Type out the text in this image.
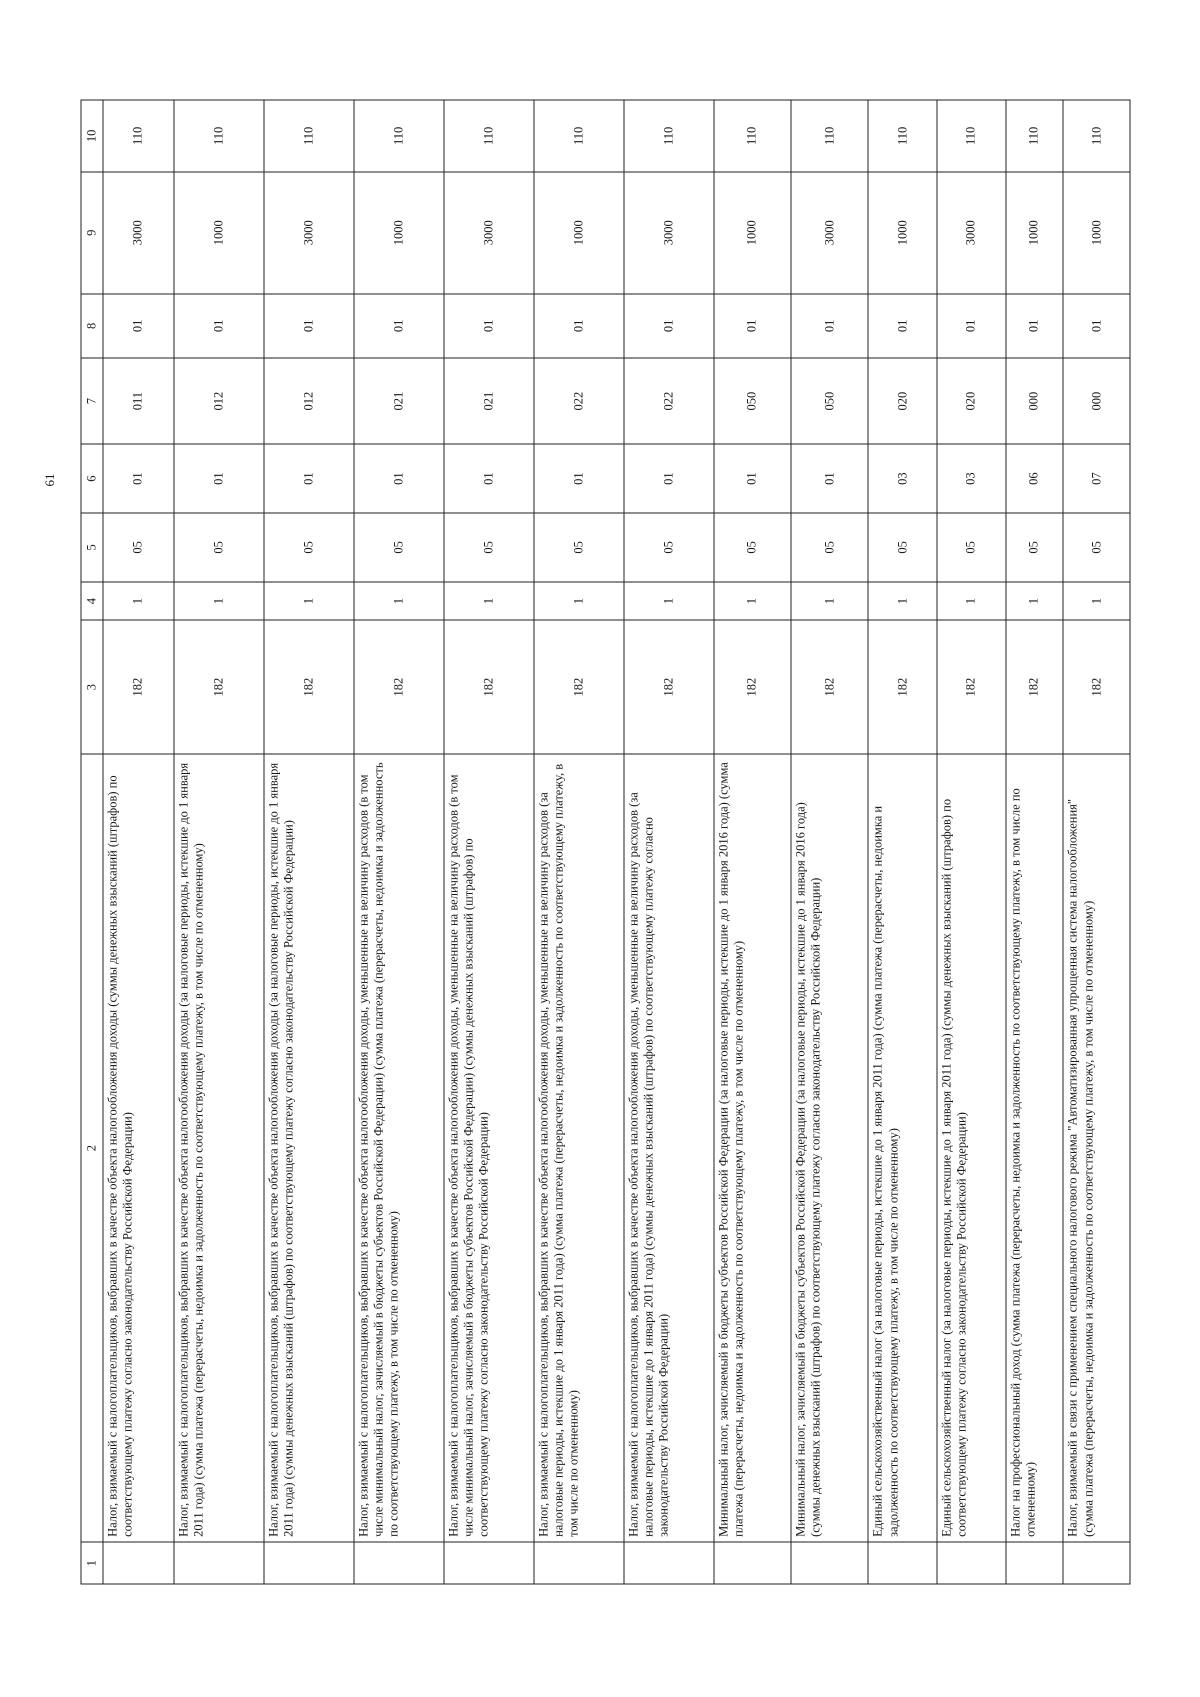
61
1	2	3	4	5	6	7	8	9	10
	Налог, взимаемый с налогоплательщиков, выбравших в качестве объекта налогообложения доходы (суммы денежных взысканий (штрафов) по соответствующему платежу согласно законодательству Российской Федерации)	182	1	05	01	011	01	3000	110
	Налог, взимаемый с налогоплательщиков, выбравших в качестве объекта налогообложения доходы (за налоговые периоды, истекшие до 1 января 2011 года) (сумма платежа (перерасчеты, недоимка и задолженность по соответствующему платежу, в том числе по отмененному)	182	1	05	01	012	01	1000	110
	Налог, взимаемый с налогоплательщиков, выбравших в качестве объекта налогообложения доходы (за налоговые периоды, истекшие до 1 января 2011 года) (суммы денежных взысканий (штрафов) по соответствующему платежу согласно законодательству Российской Федерации)	182	1	05	01	012	01	3000	110
	Налог, взимаемый с налогоплательщиков, выбравших в качестве объекта налогообложения доходы, уменьшенные на величину расходов (в том числе минимальный налог, зачисляемый в бюджеты субъектов Российской Федерации) (сумма платежа (перерасчеты, недоимка и задолженность по соответствующему платежу, в том числе по отмененному)	182	1	05	01	021	01	1000	110
	Налог, взимаемый с налогоплательщиков, выбравших в качестве объекта налогообложения доходы, уменьшенные на величину расходов (в том числе минимальный налог, зачисляемый в бюджеты субъектов Российской Федерации) (суммы денежных взысканий (штрафов) по соответствующему платежу согласно законодательству Российской Федерации)	182	1	05	01	021	01	3000	110
	Налог, взимаемый с налогоплательщиков, выбравших в качестве объекта налогообложения доходы, уменьшенные на величину расходов (за налоговые периоды, истекшие до 1 января 2011 года) (сумма платежа (перерасчеты, недоимка и задолженность по соответствующему платежу, в том числе по отмененному)	182	1	05	01	022	01	1000	110
	Налог, взимаемый с налогоплательщиков, выбравших в качестве объекта налогообложения доходы, уменьшенные на величину расходов (за налоговые периоды, истекшие до 1 января 2011 года) (суммы денежных взысканий (штрафов) по соответствующему платежу согласно законодательству Российской Федерации)	182	1	05	01	022	01	3000	110
	Минимальный налог, зачисляемый в бюджеты субъектов Российской Федерации (за налоговые периоды, истекшие до 1 января 2016 года) (сумма платежа (перерасчеты, недоимка и задолженность по соответствующему платежу, в том числе по отмененному)	182	1	05	01	050	01	1000	110
	Минимальный налог, зачисляемый в бюджеты субъектов Российской Федерации (за налоговые периоды, истекшие до 1 января 2016 года) (суммы денежных взысканий (штрафов) по соответствующему платежу согласно законодательству Российской Федерации)	182	1	05	01	050	01	3000	110
	Единый сельскохозяйственный налог (за налоговые периоды, истекшие до 1 января 2011 года) (сумма платежа (перерасчеты, недоимка и задолженность по соответствующему платежу, в том числе по отмененному)	182	1	05	03	020	01	1000	110
	Единый сельскохозяйственный налог (за налоговые периоды, истекшие до 1 января 2011 года) (суммы денежных взысканий (штрафов) по соответствующему платежу согласно законодательству Российской Федерации)	182	1	05	03	020	01	3000	110
	Налог на профессиональный доход (сумма платежа (перерасчеты, недоимка и задолженность по соответствующему платежу, в том числе по отмененному)	182	1	05	06	000	01	1000	110
	Налог, взимаемый в связи с применением специального налогового режима "Автоматизированная упрощенная система налогообложения" (сумма платежа (перерасчеты, недоимка и задолженность по соответствующему платежу, в том числе по отмененному)	182	1	05	07	000	01	1000	110
